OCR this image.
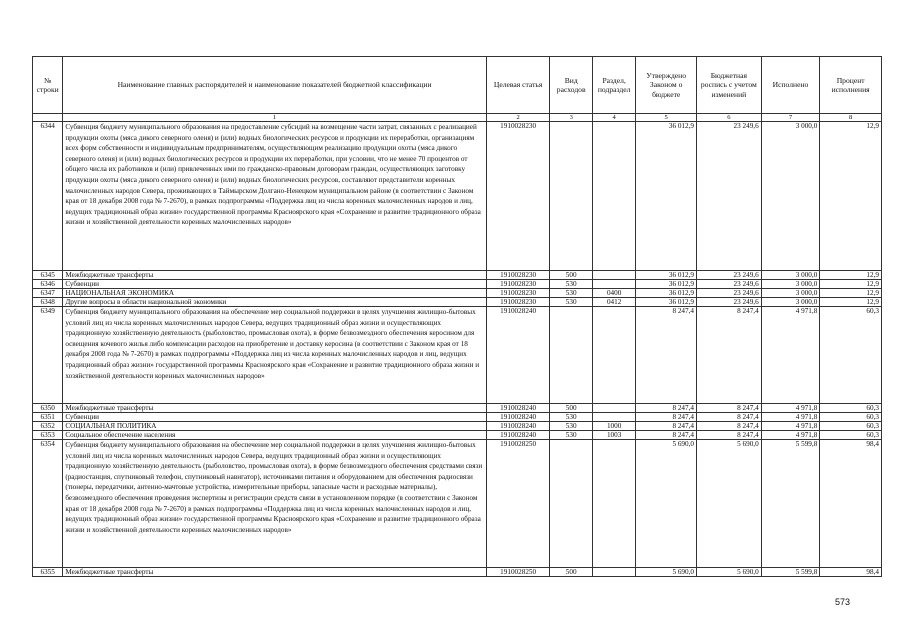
№ строки	Наименование главных распорядителей и наименование показателей бюджетной классификации	Целевая статья	Вид расходов	Раздел, подраздел	Утверждено Законом о бюджете	Бюджетная роспись с учетом изменений	Исполнено	Процент исполнения
	1	2	3	4	5	6	7	8
6344	Субвенция бюджету муниципального образования на предоставление субсидий на возмещение части затрат, связанных с реализацией продукции охоты (мяса дикого северного оленя) и (или) водных биологических ресурсов и продукции их переработки, организациям всех форм собственности и индивидуальным предпринимателям, осуществляющим реализацию продукции охоты (мяса дикого северного оленя) и (или) водных биологических ресурсов и продукции их переработки, при условии, что не менее 70 процентов от общего числа их работников и (или) привлеченных ими по гражданско-правовым договорам граждан, осуществляющих заготовку продукции охоты (мяса дикого северного оленя) и (или) водных биологических ресурсов, составляют представители коренных малочисленных народов Севера, проживающих в Таймырском Долгано-Ненецком муниципальном районе (в соответствии с Законом края от 18 декабря 2008 года № 7-2670), в рамках подпрограммы «Поддержка лиц из числа коренных малочисленных народов и лиц, ведущих традиционный образ жизни» государственной программы Красноярского края «Сохранение и развитие традиционного образа жизни и хозяйственной деятельности коренных малочисленных народов»	1910028230			36 012,9	23 249,6	3 000,0	12,9
6345	Межбюджетные трансферты	1910028230	500		36 012,9	23 249,6	3 000,0	12,9
6346	Субвенции	1910028230	530		36 012,9	23 249,6	3 000,0	12,9
6347	НАЦИОНАЛЬНАЯ ЭКОНОМИКА	1910028230	530	0400	36 012,9	23 249,6	3 000,0	12,9
6348	Другие вопросы в области национальной экономики	1910028230	530	0412	36 012,9	23 249,6	3 000,0	12,9
6349	Субвенция бюджету муниципального образования на обеспечение мер социальной поддержки в целях улучшения жилищно-бытовых условий лиц из числа коренных малочисленных народов Севера, ведущих традиционный образ жизни и осуществляющих традиционную хозяйственную деятельность (рыболовство, промысловая охота), в форме безвозмездного обеспечения керосином для освещения кочевого жилья либо компенсации расходов на приобретение и доставку керосина (в соответствии с Законом края от 18 декабря 2008 года № 7-2670) в рамках подпрограммы «Поддержка лиц из числа коренных малочисленных народов и лиц, ведущих традиционный образ жизни» государственной программы Красноярского края «Сохранение и развитие традиционного образа жизни и хозяйственной деятельности коренных малочисленных народов»	1910028240			8 247,4	8 247,4	4 971,8	60,3
6350	Межбюджетные трансферты	1910028240	500		8 247,4	8 247,4	4 971,8	60,3
6351	Субвенции	1910028240	530		8 247,4	8 247,4	4 971,8	60,3
6352	СОЦИАЛЬНАЯ ПОЛИТИКА	1910028240	530	1000	8 247,4	8 247,4	4 971,8	60,3
6353	Социальное обеспечение населения	1910028240	530	1003	8 247,4	8 247,4	4 971,8	60,3
6354	Субвенция бюджету муниципального образования на обеспечение мер социальной поддержки в целях улучшения жилищно-бытовых условий лиц из числа коренных малочисленных народов Севера, ведущих традиционный образ жизни и осуществляющих традиционную хозяйственную деятельность (рыболовство, промысловая охота), в форме безвозмездного обеспечения средствами связи (радиостанция, спутниковый телефон, спутниковый навигатор), источниками питания и оборудованием для обеспечения радиосвязи (тюнеры, передатчики, антенно-мачтовые устройства, измерительные приборы, запасные части и расходные материалы), безвозмездного обеспечения проведения экспертизы и регистрации средств связи в установленном порядке (в соответствии с Законом края от 18 декабря 2008 года № 7-2670) в рамках подпрограммы «Поддержка лиц из числа коренных малочисленных народов и лиц, ведущих традиционный образ жизни» государственной программы Красноярского края «Сохранение и развитие традиционного образа жизни и хозяйственной деятельности коренных малочисленных народов»	1910028250			5 690,0	5 690,0	5 599,8	98,4
6355	Межбюджетные трансферты	1910028250	500		5 690,0	5 690,0	5 599,8	98,4
573
